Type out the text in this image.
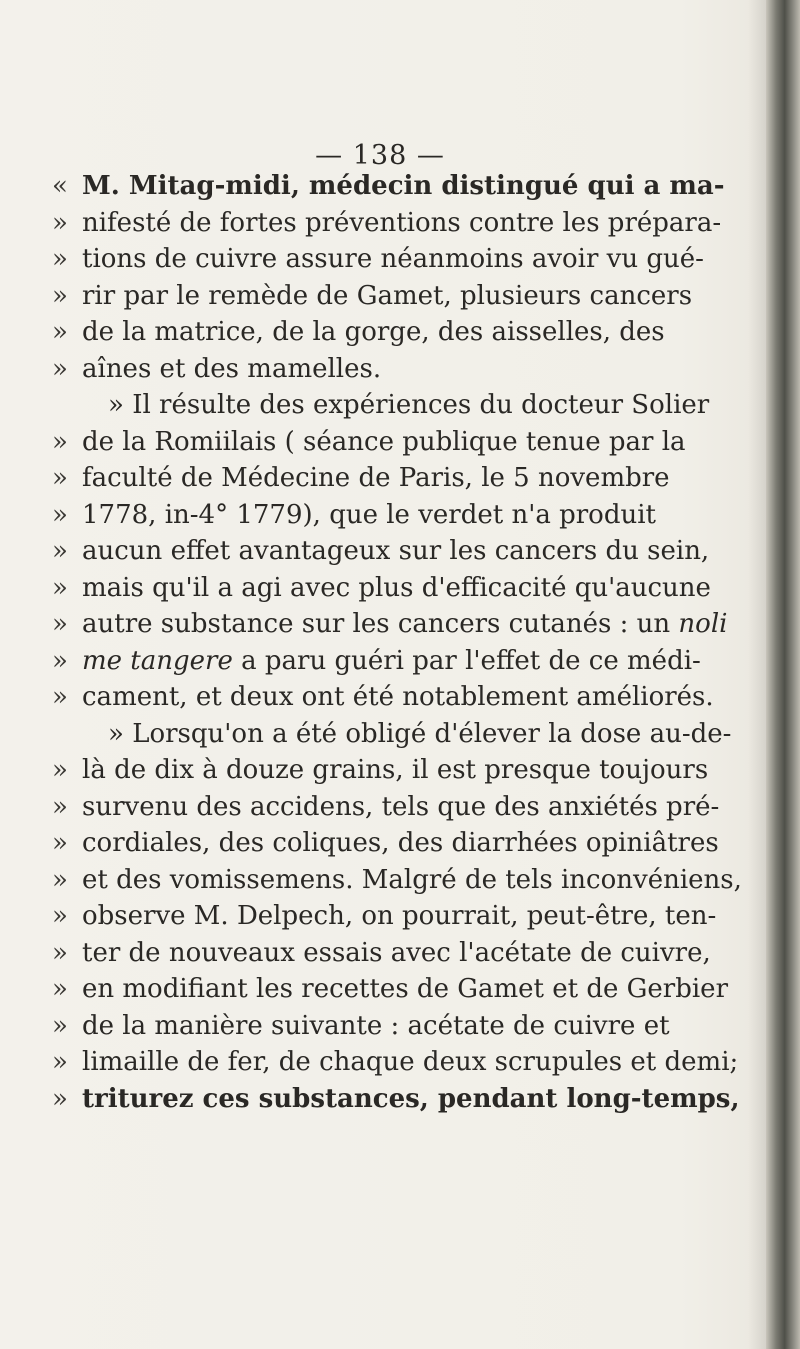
— 138 —
« M. Mitag-midi, médecin distingué qui a ma-
» nifesté de fortes préventions contre les prépara-
» tions de cuivre assure néanmoins avoir vu gué-
» rir par le remède de Gamet, plusieurs cancers
» de la matrice, de la gorge, des aisselles, des
» aînes et des mamelles.
» Il résulte des expériences du docteur Solier
» de la Romiilais ( séance publique tenue par la
» faculté de Médecine de Paris, le 5 novembre
» 1778, in-4° 1779), que le verdet n'a produit
» aucun effet avantageux sur les cancers du sein,
» mais qu'il a agi avec plus d'efficacité qu'aucune
» autre substance sur les cancers cutanés : un noli
» me tangere a paru guéri par l'effet de ce médi-
» cament, et deux ont été notablement améliorés.
» Lorsqu'on a été obligé d'élever la dose au-de-
» là de dix à douze grains, il est presque toujours
» survenu des accidens, tels que des anxiétés pré-
» cordiales, des coliques, des diarrhées opiniâtres
» et des vomissemens. Malgré de tels inconvéniens,
» observe M. Delpech, on pourrait, peut-être, ten-
» ter de nouveaux essais avec l'acétate de cuivre,
» en modifiant les recettes de Gamet et de Gerbier
» de la manière suivante : acétate de cuivre et
» limaille de fer, de chaque deux scrupules et demi;
» triturez ces substances, pendant long-temps,
